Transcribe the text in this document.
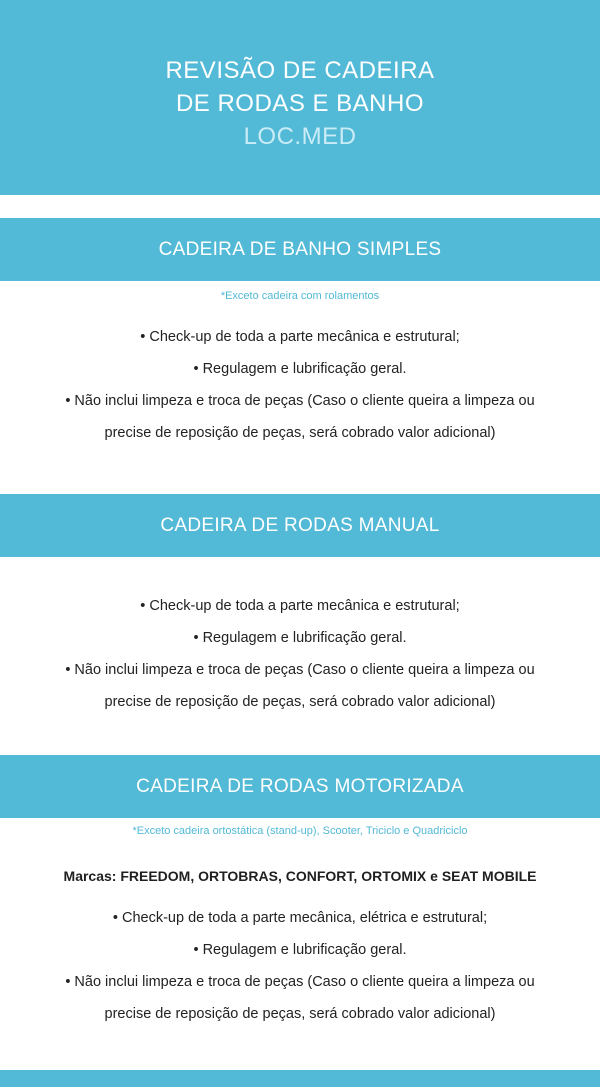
REVISÃO DE CADEIRA
DE RODAS E BANHO
LOC.MED
CADEIRA DE BANHO SIMPLES
*Exceto cadeira com rolamentos
• Check-up de toda a parte mecânica e estrutural;
• Regulagem e lubrificação geral.
• Não inclui limpeza e troca de peças (Caso o cliente queira a limpeza ou
precise de reposição de peças, será cobrado valor adicional)
CADEIRA DE RODAS MANUAL
• Check-up de toda a parte mecânica e estrutural;
• Regulagem e lubrificação geral.
• Não inclui limpeza e troca de peças (Caso o cliente queira a limpeza ou
precise de reposição de peças, será cobrado valor adicional)
CADEIRA DE RODAS MOTORIZADA
*Exceto cadeira ortostática (stand-up), Scooter, Triciclo e Quadriciclo
Marcas: FREEDOM, ORTOBRAS, CONFORT, ORTOMIX e SEAT MOBILE
• Check-up de toda a parte mecânica, elétrica e estrutural;
• Regulagem e lubrificação geral.
• Não inclui limpeza e troca de peças (Caso o cliente queira a limpeza ou
precise de reposição de peças, será cobrado valor adicional)
